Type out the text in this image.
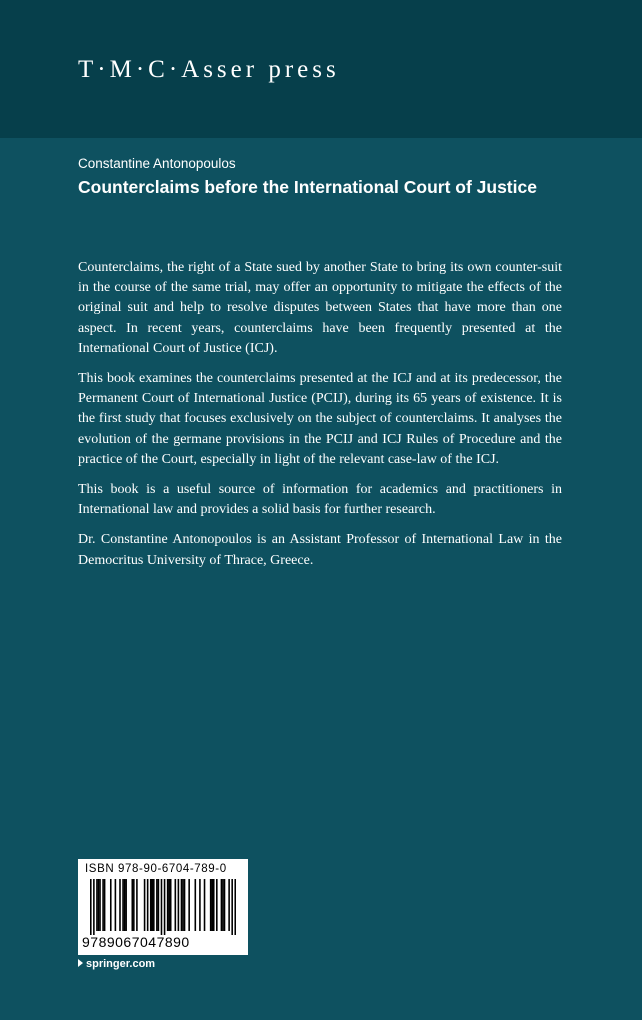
T·M·C·Asser press
Constantine Antonopoulos
Counterclaims before the International Court of Justice

Counterclaims, the right of a State sued by another State to bring its own counter-suit in the course of the same trial, may offer an opportunity to mitigate the effects of the original suit and help to resolve disputes between States that have more than one aspect. In recent years, counterclaims have been frequently presented at the International Court of Justice (ICJ).

This book examines the counterclaims presented at the ICJ and at its predecessor, the Permanent Court of International Justice (PCIJ), during its 65 years of existence. It is the first study that focuses exclusively on the subject of counterclaims. It analyses the evolution of the germane provisions in the PCIJ and ICJ Rules of Procedure and the practice of the Court, especially in light of the relevant case-law of the ICJ.

This book is a useful source of information for academics and practitioners in International law and provides a solid basis for further research.

Dr. Constantine Antonopoulos is an Assistant Professor of International Law in the Democritus University of Thrace, Greece.

ISBN 978-90-6704-789-0
9789067047890
springer.com
